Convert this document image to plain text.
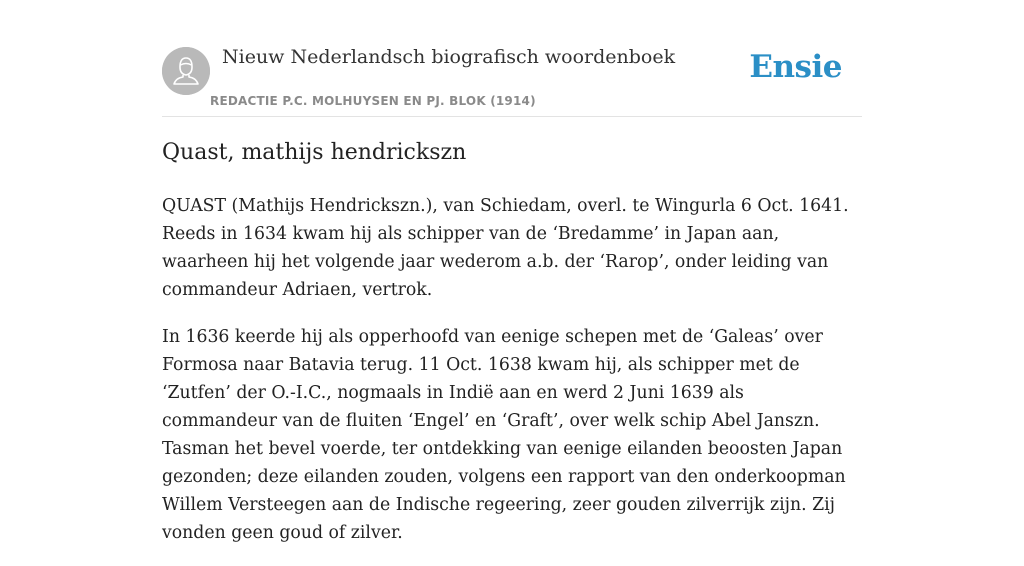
Nieuw Nederlandsch biografisch woordenboek
REDACTIE P.C. MOLHUYSEN EN PJ. BLOK (1914)
Ensie
Quast, mathijs hendrickszn

QUAST (Mathijs Hendrickszn.), van Schiedam, overl. te Wingurla 6 Oct. 1641. Reeds in 1634 kwam hij als schipper van de ‘Bredamme’ in Japan aan, waarheen hij het volgende jaar wederom a.b. der ‘Rarop’, onder leiding van commandeur Adriaen, vertrok.

In 1636 keerde hij als opperhoofd van eenige schepen met de ‘Galeas’ over Formosa naar Batavia terug. 11 Oct. 1638 kwam hij, als schipper met de ‘Zutfen’ der O.-I.C., nogmaals in Indië aan en werd 2 Juni 1639 als commandeur van de fluiten ‘Engel’ en ‘Graft’, over welk schip Abel Janszn. Tasman het bevel voerde, ter ontdekking van eenige eilanden beoosten Japan gezonden; deze eilanden zouden, volgens een rapport van den onderkoopman Willem Versteegen aan de Indische regeering, zeer gouden zilverrijk zijn. Zij vonden geen goud of zilver.
